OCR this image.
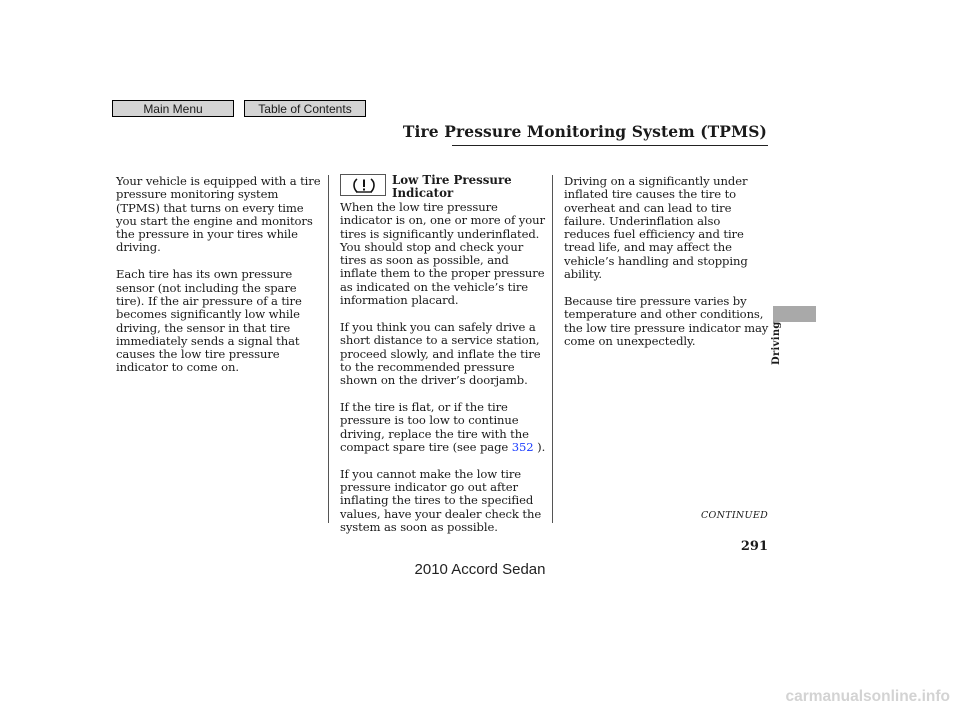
Main Menu	Table of Contents
Tire Pressure Monitoring System (TPMS)

Your vehicle is equipped with a tire pressure monitoring system (TPMS) that turns on every time you start the engine and monitors the pressure in your tires while driving.

Each tire has its own pressure sensor (not including the spare tire). If the air pressure of a tire becomes significantly low while driving, the sensor in that tire immediately sends a signal that causes the low tire pressure indicator to come on.

Low Tire Pressure Indicator

When the low tire pressure indicator is on, one or more of your tires is significantly underinflated. You should stop and check your tires as soon as possible, and inflate them to the proper pressure as indicated on the vehicle’s tire information placard.

If you think you can safely drive a short distance to a service station, proceed slowly, and inflate the tire to the recommended pressure shown on the driver’s doorjamb.

If the tire is flat, or if the tire pressure is too low to continue driving, replace the tire with the compact spare tire (see page 352 ).

If you cannot make the low tire pressure indicator go out after inflating the tires to the specified values, have your dealer check the system as soon as possible.

Driving on a significantly under inflated tire causes the tire to overheat and can lead to tire failure. Underinflation also reduces fuel efficiency and tire tread life, and may affect the vehicle’s handling and stopping ability.

Because tire pressure varies by temperature and other conditions, the low tire pressure indicator may come on unexpectedly.

CONTINUED
Driving
291
2010 Accord Sedan
carmanualsonline.info
